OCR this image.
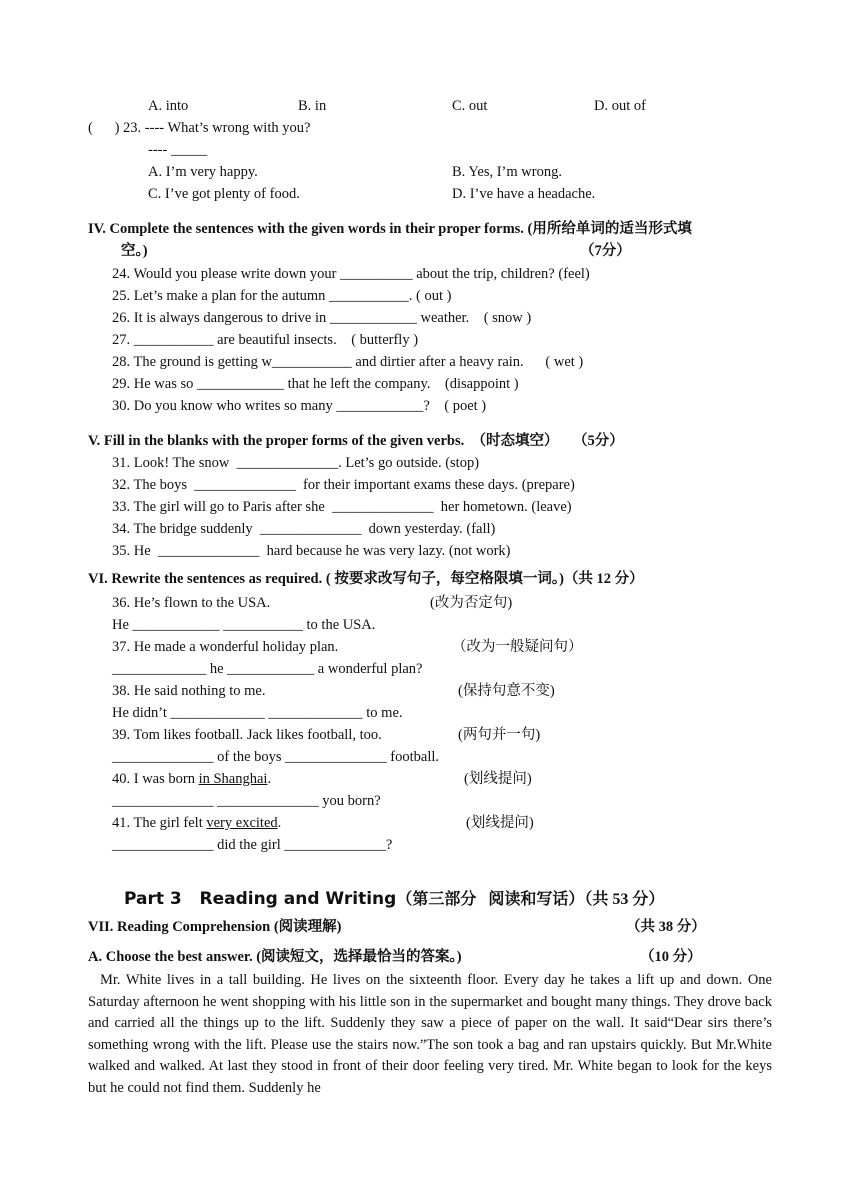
A. into	B. in	C. out	D. out of
(      ) 23. ---- What’s wrong with you?
---- _____
A. I’m very happy.	B. Yes, I’m wrong.
C. I’ve got plenty of food.	D. I’ve have a headache.
IV. Complete the sentences with the given words in their proper forms. (用所给单词的适当形式填
空。)	（7分）
24. Would you please write down your __________ about the trip, children? (feel)
25. Let’s make a plan for the autumn ___________. ( out )
26. It is always dangerous to drive in ____________ weather.    ( snow )
27. ___________ are beautiful insects.    ( butterfly )
28. The ground is getting w___________ and dirtier after a heavy rain.      ( wet )
29. He was so ____________ that he left the company.    (disappoint )
30. Do you know who writes so many ____________?    ( poet )
V. Fill in the blanks with the proper forms of the given verbs.  （时态填空）    （5分）
31. Look! The snow  ______________. Let’s go outside. (stop)
32. The boys  ______________  for their important exams these days. (prepare)
33. The girl will go to Paris after she  ______________  her hometown. (leave)
34. The bridge suddenly  ______________  down yesterday. (fall)
35. He  ______________  hard because he was very lazy. (not work)
VI. Rewrite the sentences as required. ( 按要求改写句子，每空格限填一词。)（共 12 分）
36. He’s flown to the USA.	(改为否定句)
He ____________ ___________ to the USA.
37. He made a wonderful holiday plan.	（改为一般疑问句）
_____________ he ____________ a wonderful plan?
38. He said nothing to me.	(保持句意不变)
He didn’t _____________ _____________ to me.
39. Tom likes football. Jack likes football, too.	(两句并一句)
______________ of the boys ______________ football.
40. I was born in Shanghai.	(划线提问)
______________ ______________ you born?
41. The girl felt very excited.	(划线提问)
______________ did the girl ______________?
Part 3   Reading and Writing（第三部分   阅读和写话）（共 53 分）
VII. Reading Comprehension (阅读理解)	（共 38 分）
A. Choose the best answer. (阅读短文，选择最恰当的答案。)	（10 分）
Mr. White lives in a tall building. He lives on the sixteenth floor. Every day he takes a lift up and down. One Saturday afternoon he went shopping with his little son in the supermarket and bought many things. They drove back and carried all the things up to the lift. Suddenly they saw a piece of paper on the wall. It said“Dear sirs there’s something wrong with the lift. Please use the stairs now.”The son took a bag and ran upstairs quickly. But Mr.White walked and walked. At last they stood in front of their door feeling very tired. Mr. White began to look for the keys but he could not find them. Suddenly he
